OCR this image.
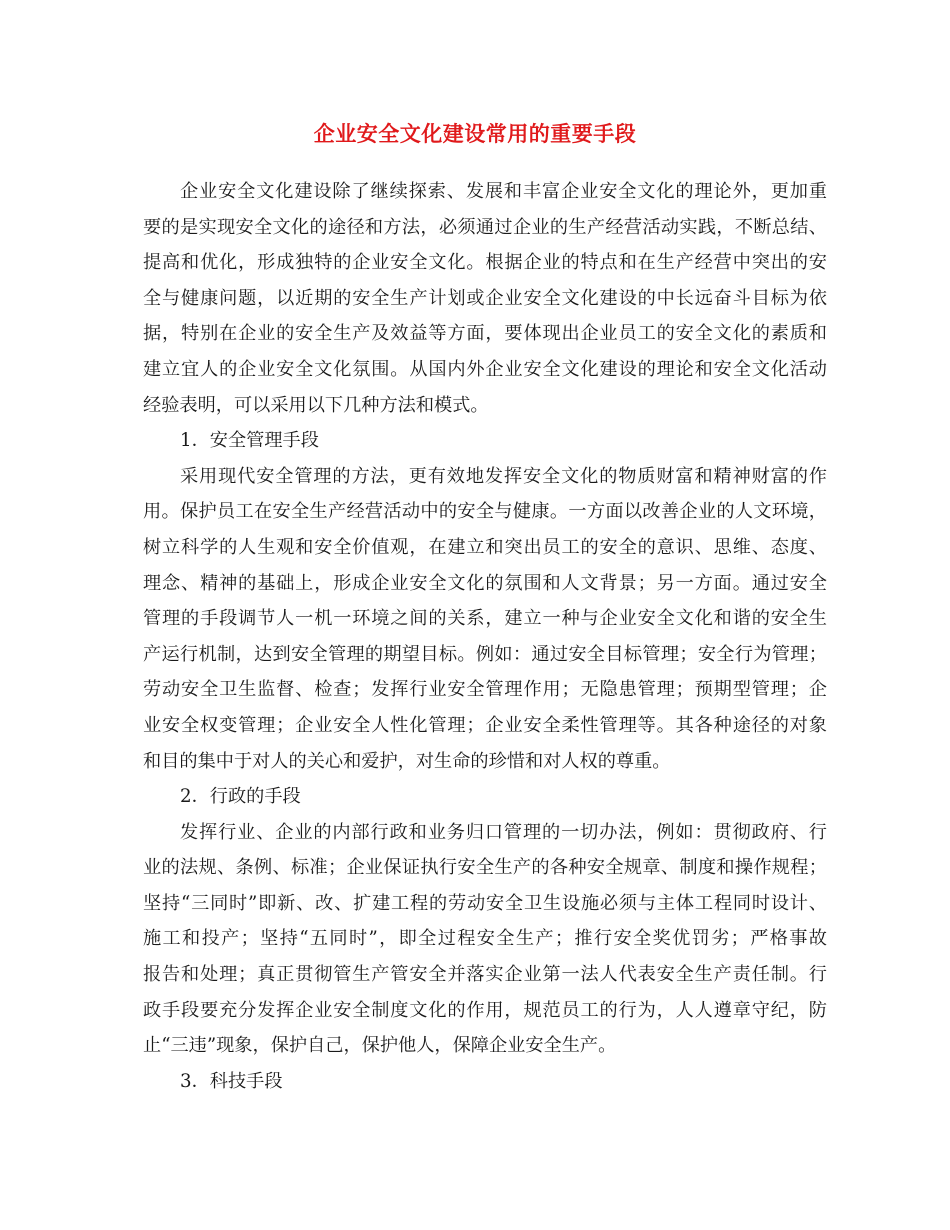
企业安全文化建设常用的重要手段
企业安全文化建设除了继续探索、发展和丰富企业安全文化的理论外，更加重
要的是实现安全文化的途径和方法，必须通过企业的生产经营活动实践，不断总结、
提高和优化，形成独特的企业安全文化。根据企业的特点和在生产经营中突出的安
全与健康问题，以近期的安全生产计划或企业安全文化建设的中长远奋斗目标为依
据，特别在企业的安全生产及效益等方面，要体现出企业员工的安全文化的素质和
建立宜人的企业安全文化氛围。从国内外企业安全文化建设的理论和安全文化活动
经验表明，可以采用以下几种方法和模式。
1．安全管理手段
采用现代安全管理的方法，更有效地发挥安全文化的物质财富和精神财富的作
用。保护员工在安全生产经营活动中的安全与健康。一方面以改善企业的人文环境，
树立科学的人生观和安全价值观，在建立和突出员工的安全的意识、思维、态度、
理念、精神的基础上，形成企业安全文化的氛围和人文背景；另一方面。通过安全
管理的手段调节人一机一环境之间的关系，建立一种与企业安全文化和谐的安全生
产运行机制，达到安全管理的期望目标。例如：通过安全目标管理；安全行为管理；
劳动安全卫生监督、检查；发挥行业安全管理作用；无隐患管理；预期型管理；企
业安全权变管理；企业安全人性化管理；企业安全柔性管理等。其各种途径的对象
和目的集中于对人的关心和爱护，对生命的珍惜和对人权的尊重。
2．行政的手段
发挥行业、企业的内部行政和业务归口管理的一切办法，例如：贯彻政府、行
业的法规、条例、标准；企业保证执行安全生产的各种安全规章、制度和操作规程；
坚持“三同时”即新、改、扩建工程的劳动安全卫生设施必须与主体工程同时设计、
施工和投产；坚持“五同时”，即全过程安全生产；推行安全奖优罚劣；严格事故
报告和处理；真正贯彻管生产管安全并落实企业第一法人代表安全生产责任制。行
政手段要充分发挥企业安全制度文化的作用，规范员工的行为，人人遵章守纪，防
止“三违”现象，保护自己，保护他人，保障企业安全生产。
3．科技手段
